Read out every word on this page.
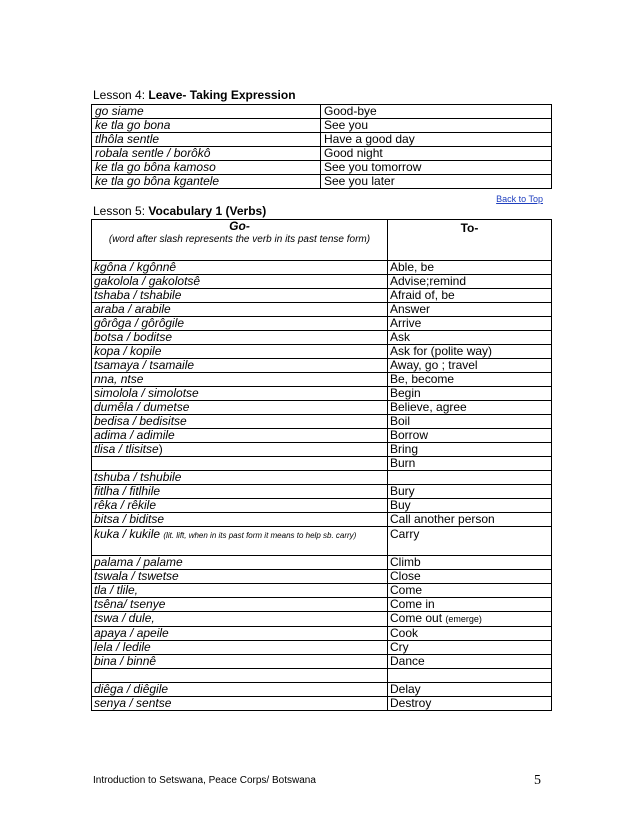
Lesson 4: Leave- Taking Expression
go siame	Good-bye
ke tla go bona	See you
tlhôla sentle	Have a good day
robala sentle / borôkô	Good night
ke tla go bôna kamoso	See you tomorrow
ke tla go bôna kgantele	See you later
Back to Top
Lesson 5: Vocabulary 1 (Verbs)
Go-
(word after slash represents the verb in its past tense form)	To-

kgôna / kgônnê	Able, be
gakolola / gakolotsê	Advise;remind
tshaba / tshabile	Afraid of, be
araba / arabile	Answer
gôrôga / gôrôgile	Arrive
botsa / boditse	Ask
kopa / kopile	Ask for (polite way)
tsamaya / tsamaile	Away, go ; travel
nna, ntse	Be, become
simolola / simolotse	Begin
dumêla / dumetse	Believe, agree
bedisa / bedisitse	Boil
adima / adimile	Borrow
tlisa / tlisitse)	Bring
	Burn
tshuba / tshubile	
fitlha / fitlhile	Bury
rêka / rêkile	Buy
bitsa / biditse	Call another person
kuka / kukile (lit. lift, when in its past form it means to help sb. carry)	Carry
palama / palame	Climb
tswala / tswetse	Close
tla / tlile,	Come
tsêna/ tsenye	Come in
tswa / dule,	Come out (emerge)
apaya / apeile	Cook
lela / ledile	Cry
bina / binnê	Dance

diêga / diêgile	Delay
senya / sentse	Destroy
Introduction to Setswana, Peace Corps/ Botswana	5
